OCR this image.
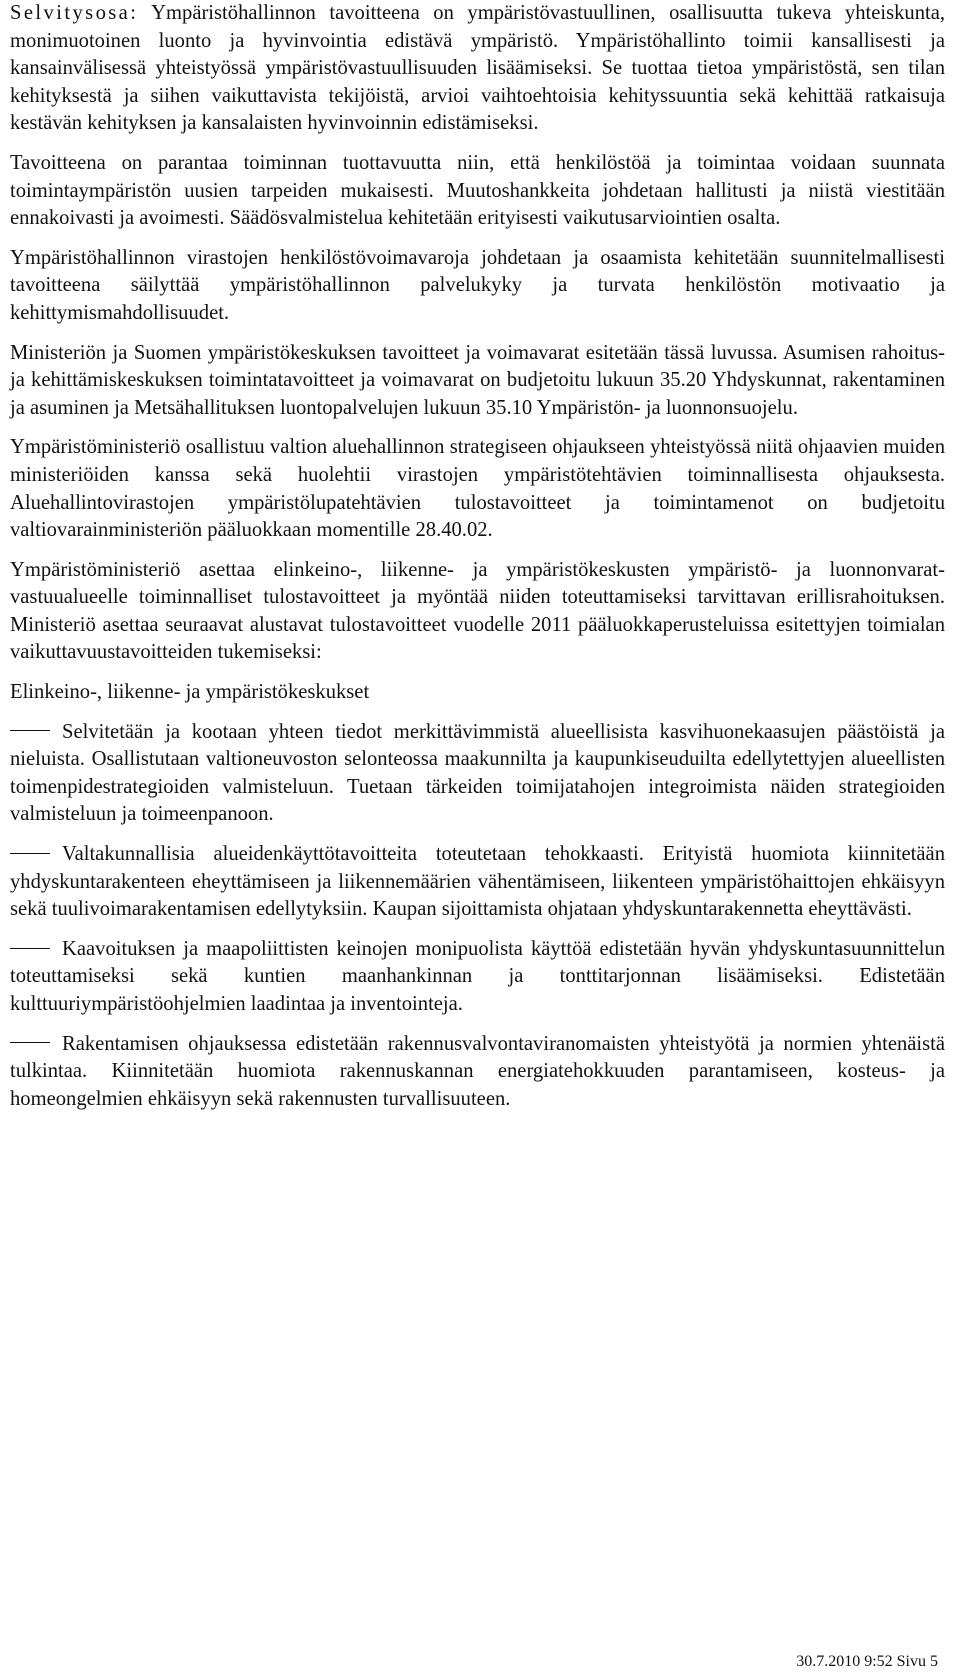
Selvitysosa: Ympäristöhallinnon tavoitteena on ympäristövastuullinen, osallisuutta tukeva yhteiskunta, monimuotoinen luonto ja hyvinvointia edistävä ympäristö. Ympäristöhallinto toimii kansallisesti ja kansainvälisessä yhteistyössä ympäristövastuullisuuden lisäämiseksi. Se tuottaa tietoa ympäristöstä, sen tilan kehityksestä ja siihen vaikuttavista tekijöistä, arvioi vaihtoehtoisia kehityssuuntia sekä kehittää ratkaisuja kestävän kehityksen ja kansalaisten hyvinvoinnin edistämiseksi.

Tavoitteena on parantaa toiminnan tuottavuutta niin, että henkilöstöä ja toimintaa voidaan suunnata toimintaympäristön uusien tarpeiden mukaisesti. Muutoshankkeita johdetaan hallitusti ja niistä viestitään ennakoivasti ja avoimesti. Säädösvalmistelua kehitetään erityisesti vaikutusarviointien osalta.

Ympäristöhallinnon virastojen henkilöstövoimavaroja johdetaan ja osaamista kehitetään suunnitelmallisesti tavoitteena säilyttää ympäristöhallinnon palvelukyky ja turvata henkilöstön motivaatio ja kehittymismahdollisuudet.

Ministeriön ja Suomen ympäristökeskuksen tavoitteet ja voimavarat esitetään tässä luvussa. Asumisen rahoitus- ja kehittämiskeskuksen toimintatavoitteet ja voimavarat on budjetoitu lukuun 35.20 Yhdyskunnat, rakentaminen ja asuminen ja Metsähallituksen luontopalvelujen lukuun 35.10 Ympäristön- ja luonnonsuojelu.

Ympäristöministeriö osallistuu valtion aluehallinnon strategiseen ohjaukseen yhteistyössä niitä ohjaavien muiden ministeriöiden kanssa sekä huolehtii virastojen ympäristötehtävien toiminnallisesta ohjauksesta. Aluehallintovirastojen ympäristölupatehtävien tulostavoitteet ja toimintamenot on budjetoitu valtiovarainministeriön pääluokkaan momentille 28.40.02.

Ympäristöministeriö asettaa elinkeino-, liikenne- ja ympäristökeskusten ympäristö- ja luonnonvarat-vastuualueelle toiminnalliset tulostavoitteet ja myöntää niiden toteuttamiseksi tarvittavan erillisrahoituksen. Ministeriö asettaa seuraavat alustavat tulostavoitteet vuodelle 2011 pääluokkaperusteluissa esitettyjen toimialan vaikuttavuustavoitteiden tukemiseksi:

Elinkeino-, liikenne- ja ympäristökeskukset

Selvitetään ja kootaan yhteen tiedot merkittävimmistä alueellisista kasvihuonekaasujen päästöistä ja nieluista. Osallistutaan valtioneuvoston selonteossa maakunnilta ja kaupunkiseuduilta edellytettyjen alueellisten toimenpidestrategioiden valmisteluun. Tuetaan tärkeiden toimijatahojen integroimista näiden strategioiden valmisteluun ja toimeenpanoon.

Valtakunnallisia alueidenkäyttötavoitteita toteutetaan tehokkaasti. Erityistä huomiota kiinnitetään yhdyskuntarakenteen eheyttämiseen ja liikennemäärien vähentämiseen, liikenteen ympäristöhaittojen ehkäisyyn sekä tuulivoimarakentamisen edellytyksiin. Kaupan sijoittamista ohjataan yhdyskuntarakennetta eheyttävästi.

Kaavoituksen ja maapoliittisten keinojen monipuolista käyttöä edistetään hyvän yhdyskuntasuunnittelun toteuttamiseksi sekä kuntien maanhankinnan ja tonttitarjonnan lisäämiseksi. Edistetään kulttuuriympäristöohjelmien laadintaa ja inventointeja.

Rakentamisen ohjauksessa edistetään rakennusvalvontaviranomaisten yhteistyötä ja normien yhtenäistä tulkintaa. Kiinnitetään huomiota rakennuskannan energiatehokkuuden parantamiseen, kosteus- ja homeongelmien ehkäisyyn sekä rakennusten turvallisuuteen.

30.7.2010 9:52 Sivu 5
